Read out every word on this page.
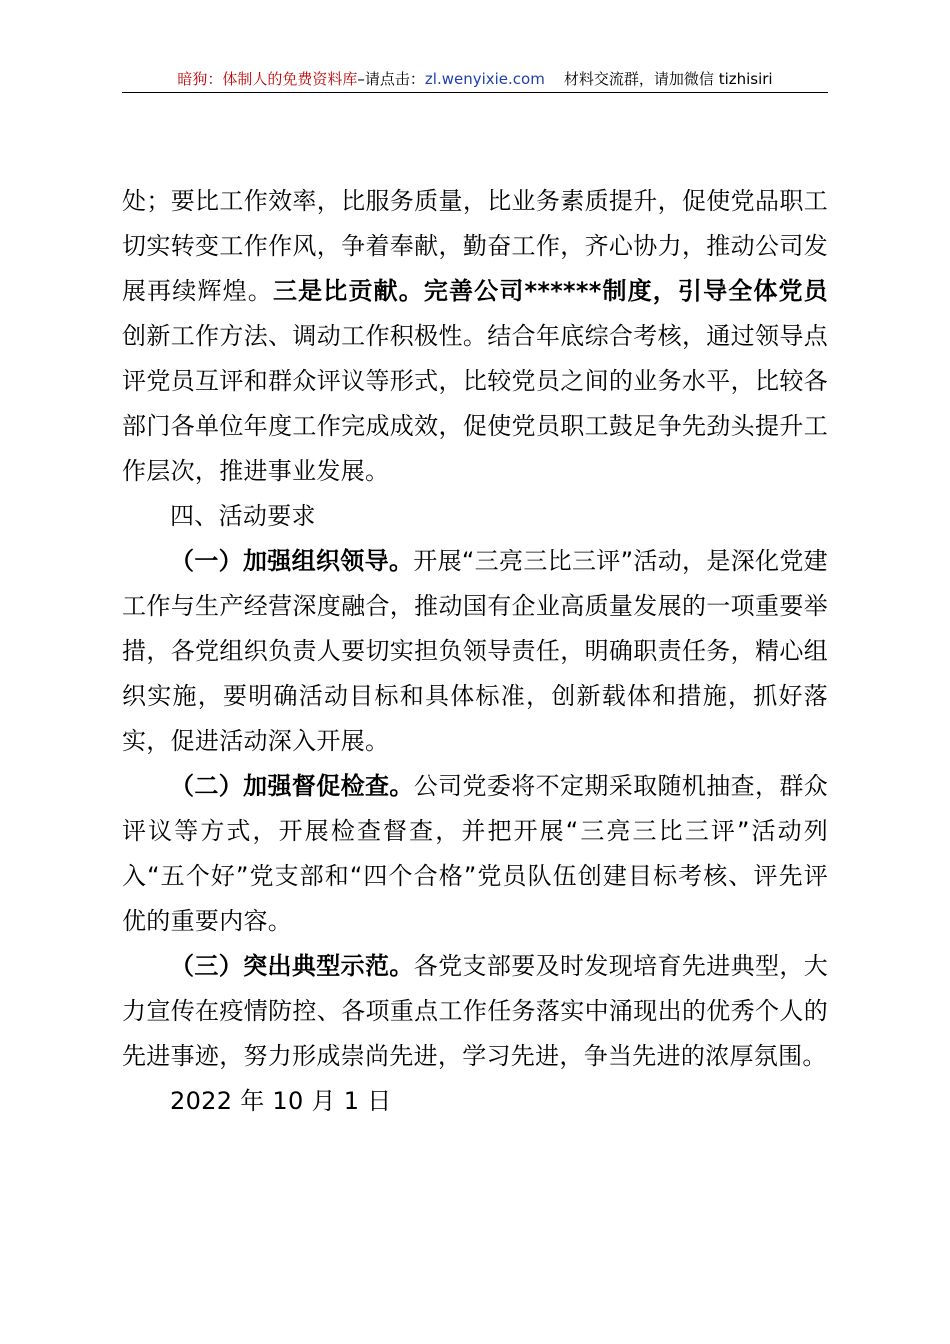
暗狗：体制人的免费资料库–请点击：zl.wenyixie.com 材料交流群，请加微信 tizhisiri

处；要比工作效率，比服务质量，比业务素质提升，促使党品职工切实转变工作作风，争着奉献，勤奋工作，齐心协力，推动公司发展再续辉煌。三是比贡献。完善公司******制度，引导全体党员创新工作方法、调动工作积极性。结合年底综合考核，通过领导点评党员互评和群众评议等形式，比较党员之间的业务水平，比较各部门各单位年度工作完成成效，促使党员职工鼓足争先劲头提升工作层次，推进事业发展。

四、活动要求

（一）加强组织领导。开展“三亮三比三评”活动，是深化党建工作与生产经营深度融合，推动国有企业高质量发展的一项重要举措，各党组织负责人要切实担负领导责任，明确职责任务，精心组织实施，要明确活动目标和具体标准，创新载体和措施，抓好落实，促进活动深入开展。

（二）加强督促检查。公司党委将不定期采取随机抽查，群众评议等方式，开展检查督查，并把开展“三亮三比三评”活动列入“五个好”党支部和“四个合格”党员队伍创建目标考核、评先评优的重要内容。

（三）突出典型示范。各党支部要及时发现培育先进典型，大力宣传在疫情防控、各项重点工作任务落实中涌现出的优秀个人的先进事迹，努力形成崇尚先进，学习先进，争当先进的浓厚氛围。

2022 年 10 月 1 日
